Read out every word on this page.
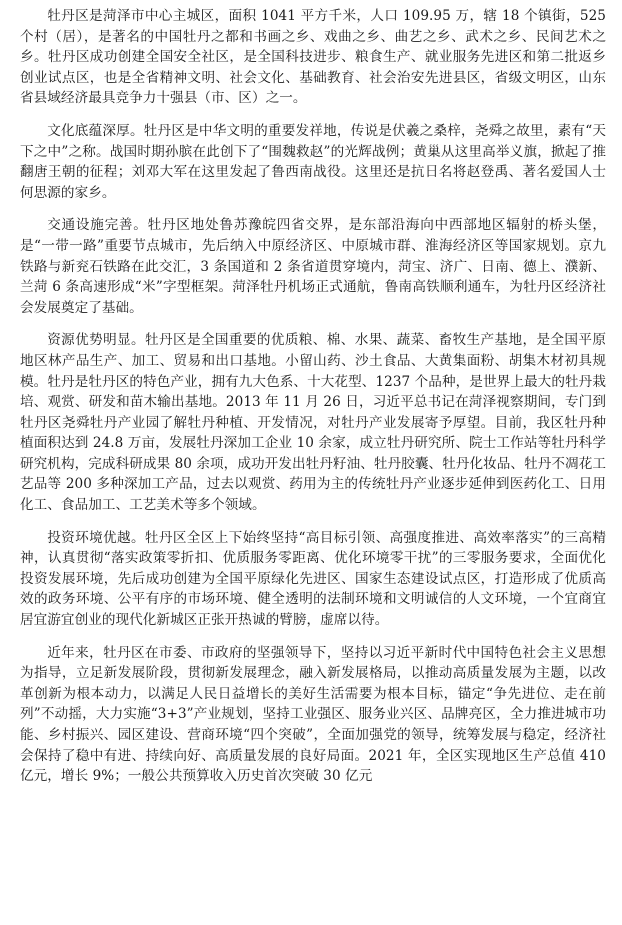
牡丹区是菏泽市中心主城区，面积 1041 平方千米，人口 109.95 万，辖 18 个镇街，525 个村（居），是著名的中国牡丹之都和书画之乡、戏曲之乡、曲艺之乡、武术之乡、民间艺术之乡。牡丹区成功创建全国安全社区，是全国科技进步、粮食生产、就业服务先进区和第二批返乡创业试点区，也是全省精神文明、社会文化、基础教育、社会治安先进县区，省级文明区，山东省县域经济最具竞争力十强县（市、区）之一。

文化底蕴深厚。牡丹区是中华文明的重要发祥地，传说是伏羲之桑梓，尧舜之故里，素有“天下之中”之称。战国时期孙膑在此创下了“围魏救赵”的光辉战例；黄巢从这里高举义旗，掀起了推翻唐王朝的征程；刘邓大军在这里发起了鲁西南战役。这里还是抗日名将赵登禹、著名爱国人士何思源的家乡。

交通设施完善。牡丹区地处鲁苏豫皖四省交界，是东部沿海向中西部地区辐射的桥头堡，是“一带一路”重要节点城市，先后纳入中原经济区、中原城市群、淮海经济区等国家规划。京九铁路与新兖石铁路在此交汇，3 条国道和 2 条省道贯穿境内，菏宝、济广、日南、德上、濮新、兰菏 6 条高速形成“米”字型框架。菏泽牡丹机场正式通航，鲁南高铁顺利通车，为牡丹区经济社会发展奠定了基础。

资源优势明显。牡丹区是全国重要的优质粮、棉、水果、蔬菜、畜牧生产基地，是全国平原地区林产品生产、加工、贸易和出口基地。小留山药、沙土食品、大黄集面粉、胡集木材初具规模。牡丹是牡丹区的特色产业，拥有九大色系、十大花型、1237 个品种，是世界上最大的牡丹栽培、观赏、研发和苗木输出基地。2013 年 11 月 26 日，习近平总书记在菏泽视察期间，专门到牡丹区尧舜牡丹产业园了解牡丹种植、开发情况，对牡丹产业发展寄予厚望。目前，我区牡丹种植面积达到 24.8 万亩，发展牡丹深加工企业 10 余家，成立牡丹研究所、院士工作站等牡丹科学研究机构，完成科研成果 80 余项，成功开发出牡丹籽油、牡丹胶囊、牡丹化妆品、牡丹不凋花工艺品等 200 多种深加工产品，过去以观赏、药用为主的传统牡丹产业逐步延伸到医药化工、日用化工、食品加工、工艺美术等多个领域。

投资环境优越。牡丹区全区上下始终坚持“高目标引领、高强度推进、高效率落实”的三高精神，认真贯彻“落实政策零折扣、优质服务零距离、优化环境零干扰”的三零服务要求，全面优化投资发展环境，先后成功创建为全国平原绿化先进区、国家生态建设试点区，打造形成了优质高效的政务环境、公平有序的市场环境、健全透明的法制环境和文明诚信的人文环境，一个宜商宜居宜游宜创业的现代化新城区正张开热诚的臂膀，虚席以待。

近年来，牡丹区在市委、市政府的坚强领导下，坚持以习近平新时代中国特色社会主义思想为指导，立足新发展阶段，贯彻新发展理念，融入新发展格局，以推动高质量发展为主题，以改革创新为根本动力，以满足人民日益增长的美好生活需要为根本目标，锚定“争先进位、走在前列”不动摇，大力实施“3+3”产业规划，坚持工业强区、服务业兴区、品牌亮区，全力推进城市功能、乡村振兴、园区建设、营商环境“四个突破”，全面加强党的领导，统筹发展与稳定，经济社会保持了稳中有进、持续向好、高质量发展的良好局面。2021 年，全区实现地区生产总值 410 亿元，增长 9%；一般公共预算收入历史首次突破 30 亿元
